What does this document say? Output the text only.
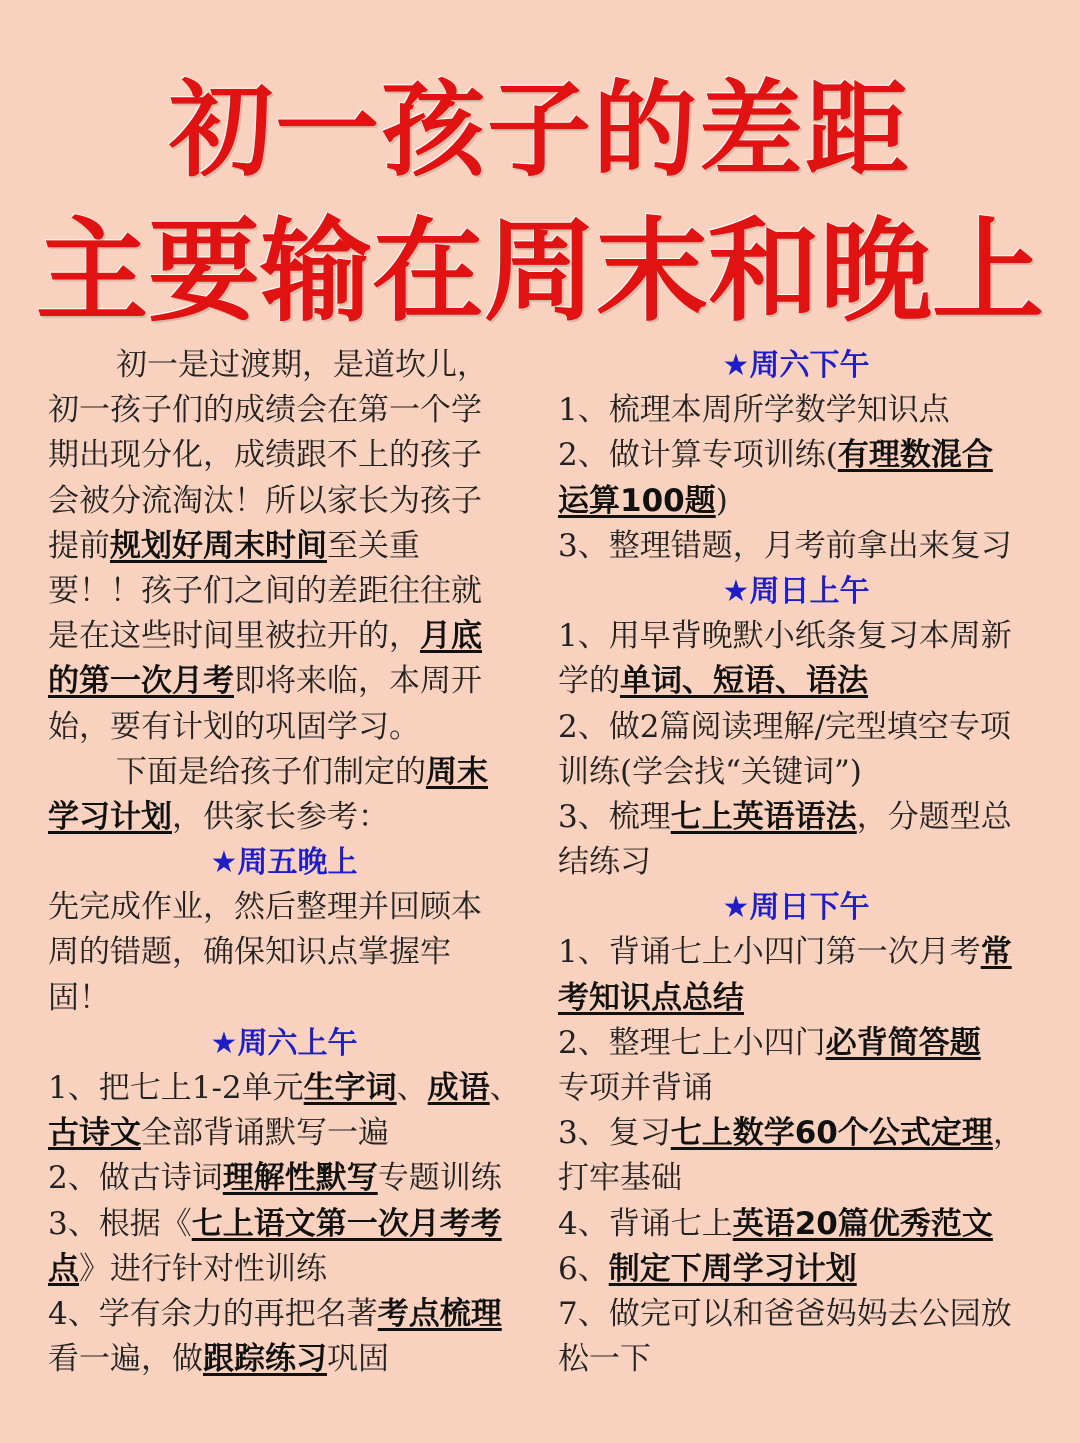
初一孩子的差距
主要输在周末和晚上
初一是过渡期，是道坎儿，
初一孩子们的成绩会在第一个学
期出现分化，成绩跟不上的孩子
会被分流淘汰！所以家长为孩子
提前规划好周末时间至关重
要！！孩子们之间的差距往往就
是在这些时间里被拉开的，月底
的第一次月考即将来临，本周开
始，要有计划的巩固学习。
下面是给孩子们制定的周末
学习计划，供家长参考：
★周五晚上
先完成作业，然后整理并回顾本
周的错题，确保知识点掌握牢
固！
★周六上午
1、把七上1-2单元生字词、成语、
古诗文全部背诵默写一遍
2、做古诗词理解性默写专题训练
3、根据《七上语文第一次月考考
点》进行针对性训练
4、学有余力的再把名著考点梳理
看一遍，做跟踪练习巩固
★周六下午
1、梳理本周所学数学知识点
2、做计算专项训练(有理数混合
运算100题)
3、整理错题，月考前拿出来复习
★周日上午
1、用早背晚默小纸条复习本周新
学的单词、短语、语法
2、做2篇阅读理解/完型填空专项
训练(学会找“关键词”)
3、梳理七上英语语法，分题型总
结练习
★周日下午
1、背诵七上小四门第一次月考常
考知识点总结
2、整理七上小四门必背简答题
专项并背诵
3、复习七上数学60个公式定理，
打牢基础
4、背诵七上英语20篇优秀范文
6、制定下周学习计划
7、做完可以和爸爸妈妈去公园放
松一下
